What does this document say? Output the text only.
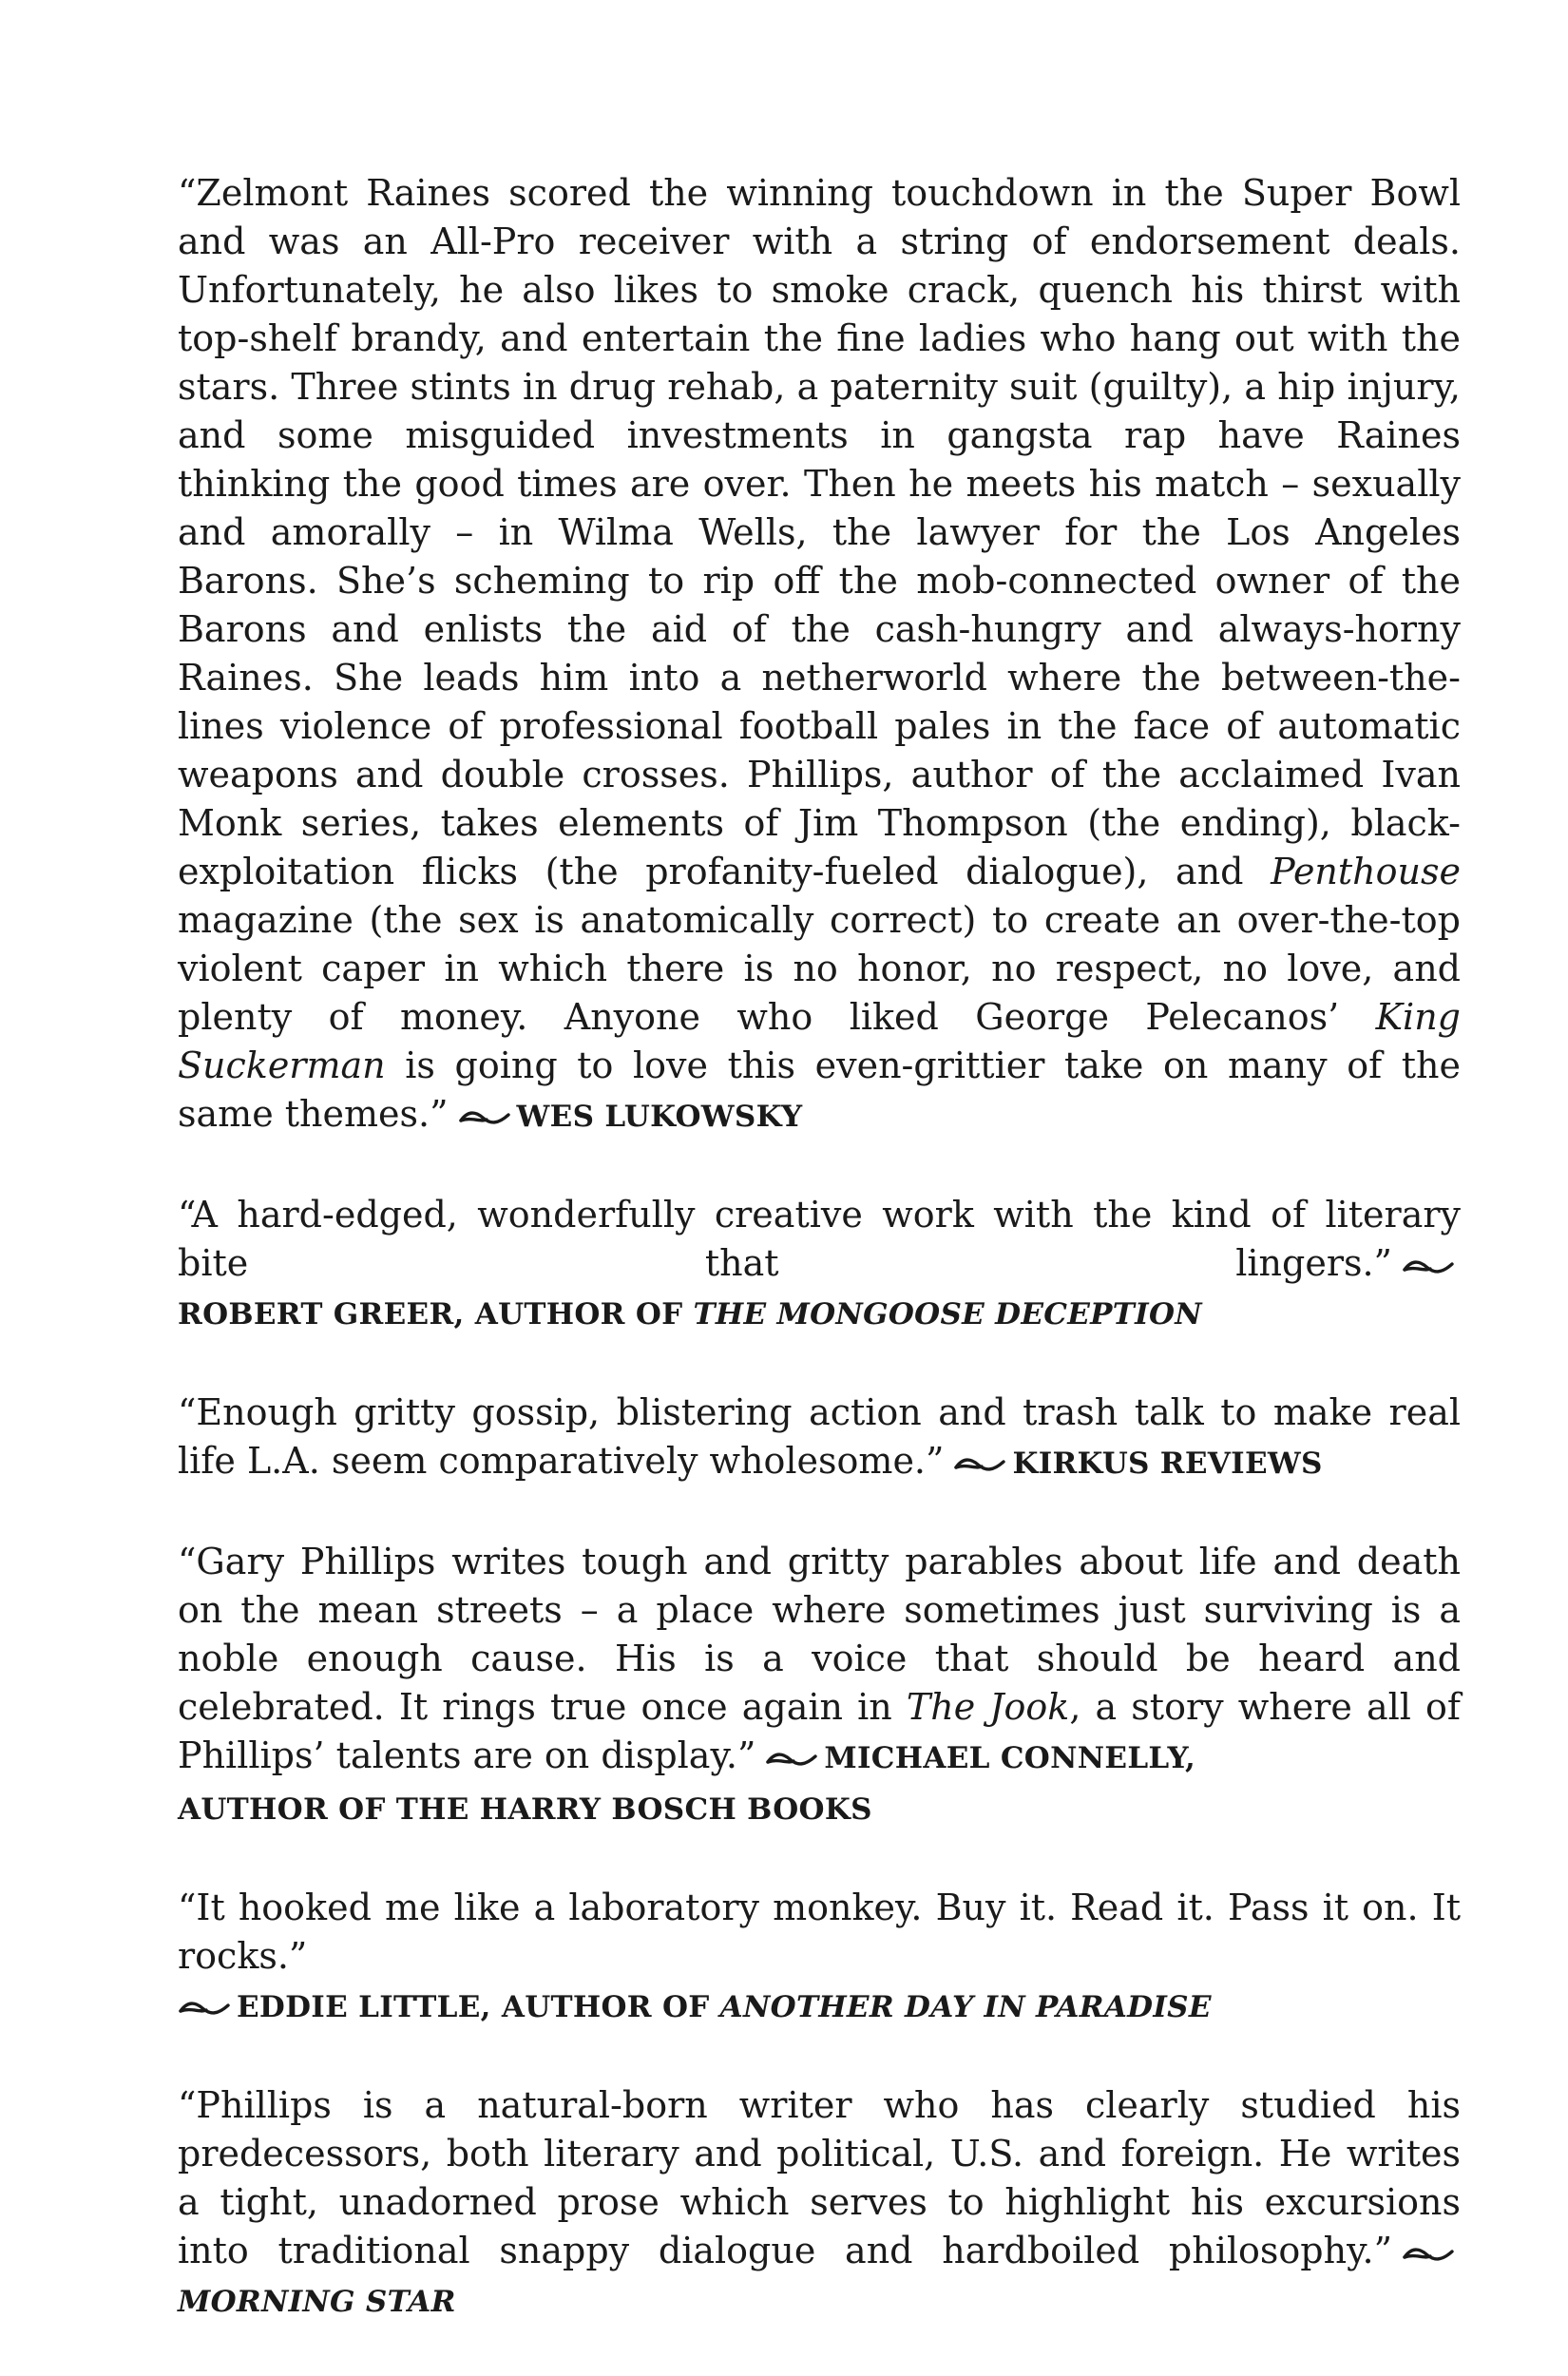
“Zelmont Raines scored the winning touchdown in the Super Bowl and was an All-Pro receiver with a string of endorsement deals. Unfortunately, he also likes to smoke crack, quench his thirst with top-shelf brandy, and entertain the fine ladies who hang out with the stars. Three stints in drug rehab, a paternity suit (guilty), a hip injury, and some misguided investments in gangsta rap have Raines thinking the good times are over. Then he meets his match – sexually and amorally – in Wilma Wells, the lawyer for the Los Angeles Barons. She’s scheming to rip off the mob-connected owner of the Barons and enlists the aid of the cash-hungry and always-horny Raines. She leads him into a netherworld where the between-the-lines violence of professional football pales in the face of automatic weapons and double crosses. Phillips, author of the acclaimed Ivan Monk series, takes elements of Jim Thompson (the ending), black-exploitation flicks (the profanity-fueled dialogue), and Penthouse magazine (the sex is anatomically correct) to create an over-the-top violent caper in which there is no honor, no respect, no love, and plenty of money. Anyone who liked George Pelecanos’ King Suckerman is going to love this even-grittier take on many of the same themes.” WES LUKOWSKY

“A hard-edged, wonderfully creative work with the kind of literary bite that lingers.”ROBERT GREER, AUTHOR OF THE MONGOOSE DECEPTION

“Enough gritty gossip, blistering action and trash talk to make real life L.A. seem comparatively wholesome.” KIRKUS REVIEWS

“Gary Phillips writes tough and gritty parables about life and death on the mean streets – a place where sometimes just surviving is a noble enough cause. His is a voice that should be heard and celebrated. It rings true once again in The Jook, a story where all of Phillips’ talents are on display.” MICHAEL CONNELLY,
AUTHOR OF THE HARRY BOSCH BOOKS

“It hooked me like a laboratory monkey. Buy it. Read it. Pass it on. It rocks.”
EDDIE LITTLE, AUTHOR OF ANOTHER DAY IN PARADISE

“Phillips is a natural-born writer who has clearly studied his predecessors, both literary and political, U.S. and foreign. He writes a tight, unadorned prose which serves to highlight his excursions into traditional snappy dialogue and hardboiled philosophy.”MORNING STAR
